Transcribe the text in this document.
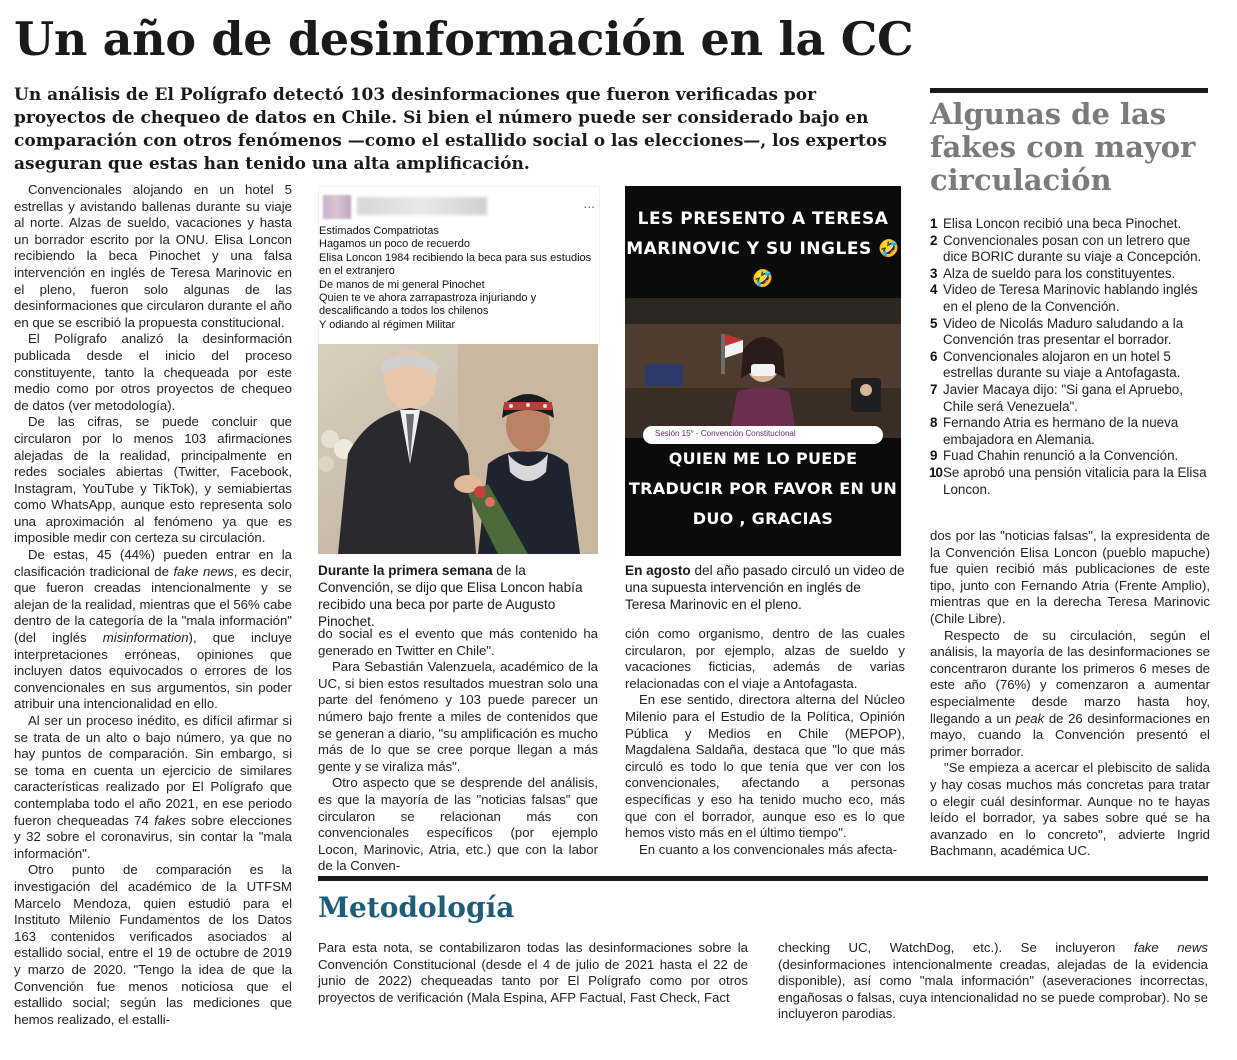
Un año de desinformación en la CC
Un análisis de El Polígrafo detectó 103 desinformaciones que fueron verificadas por proyectos de chequeo de datos en Chile. Si bien el número puede ser considerado bajo en comparación con otros fenómenos —como el estallido social o las elecciones—, los expertos aseguran que estas han tenido una alta amplificación.

Convencionales alojando en un hotel 5 estrellas y avistando ballenas durante su viaje al norte. Alzas de sueldo, vacaciones y hasta un borrador escrito por la ONU. Elisa Loncon recibiendo la beca Pinochet y una falsa intervención en inglés de Teresa Marinovic en el pleno, fueron solo algunas de las desinformaciones que circularon durante el año en que se escribió la propuesta constitucional.

El Polígrafo analizó la desinformación publicada desde el inicio del proceso constituyente, tanto la chequeada por este medio como por otros proyectos de chequeo de datos (ver metodología).

De las cifras, se puede concluir que circularon por lo menos 103 afirmaciones alejadas de la realidad, principalmente en redes sociales abiertas (Twitter, Facebook, Instagram, YouTube y TikTok), y semiabiertas como WhatsApp, aunque esto representa solo una aproximación al fenómeno ya que es imposible medir con certeza su circulación.

De estas, 45 (44%) pueden entrar en la clasificación tradicional de fake news, es decir, que fueron creadas intencionalmente y se alejan de la realidad, mientras que el 56% cabe dentro de la categoría de la "mala información" (del inglés misinformation), que incluye interpretaciones erróneas, opiniones que incluyen datos equivocados o errores de los convencionales en sus argumentos, sin poder atribuir una intencionalidad en ello.

Al ser un proceso inédito, es difícil afirmar si se trata de un alto o bajo número, ya que no hay puntos de comparación. Sin embargo, si se toma en cuenta un ejercicio de similares características realizado por El Polígrafo que contemplaba todo el año 2021, en ese periodo fueron chequeadas 74 fakes sobre elecciones y 32 sobre el coronavirus, sin contar la "mala información".

Otro punto de comparación es la investigación del académico de la UTFSM Marcelo Mendoza, quien estudió para el Instituto Milenio Fundamentos de los Datos 163 contenidos verificados asociados al estallido social, entre el 19 de octubre de 2019 y marzo de 2020. "Tengo la idea de que la Convención fue menos noticiosa que el estallido social; según las mediciones que hemos realizado, el estalli-

...
Estimados Compatriotas
Hagamos un poco de recuerdo
Elisa Loncon 1984 recibiendo la beca para sus estudios en el extranjero
De manos de mi general Pinochet
Quien te ve ahora zarrapastroza injuriando y descalificando a todos los chilenos
Y odiando al régimen Militar
Durante la primera semana de la Convención, se dijo que Elisa Loncon había recibido una beca por parte de Augusto Pinochet.
LES PRESENTO A TERESA MARINOVIC Y SU INGLES 🤣🤣
Sesión 15° - Convención Constitucional
QUIEN ME LO PUEDE TRADUCIR POR FAVOR EN UN DUO , GRACIAS
En agosto del año pasado circuló un video de una supuesta intervención en inglés de Teresa Marinovic en el pleno.

do social es el evento que más contenido ha generado en Twitter en Chile".

Para Sebastián Valenzuela, académico de la UC, si bien estos resultados muestran solo una parte del fenómeno y 103 puede parecer un número bajo frente a miles de contenidos que se generan a diario, "su amplificación es mucho más de lo que se cree porque llegan a más gente y se viraliza más".

Otro aspecto que se desprende del análisis, es que la mayoría de las "noticias falsas" que circularon se relacionan más con convencionales específicos (por ejemplo Locon, Marinovic, Atria, etc.) que con la labor de la Conven-

ción como organismo, dentro de las cuales circularon, por ejemplo, alzas de sueldo y vacaciones ficticias, además de varias relacionadas con el viaje a Antofagasta.

En ese sentido, directora alterna del Núcleo Milenio para el Estudio de la Política, Opinión Pública y Medios en Chile (MEPOP), Magdalena Saldaña, destaca que "lo que más circuló es todo lo que tenía que ver con los convencionales, afectando a personas específicas y eso ha tenido mucho eco, más que con el borrador, aunque eso es lo que hemos visto más en el último tiempo".

En cuanto a los convencionales más afecta-

Algunas de las fakes con mayor circulación
1 Elisa Loncon recibió una beca Pinochet.
2 Convencionales posan con un letrero que dice BORIC durante su viaje a Concepción.
3 Alza de sueldo para los constituyentes.
4 Video de Teresa Marinovic hablando inglés en el pleno de la Convención.
5 Video de Nicolás Maduro saludando a la Convención tras presentar el borrador.
6 Convencionales alojaron en un hotel 5 estrellas durante su viaje a Antofagasta.
7 Javier Macaya dijo: "Si gana el Apruebo, Chile será Venezuela".
8 Fernando Atria es hermano de la nueva embajadora en Alemania.
9 Fuad Chahin renunció a la Convención.
10 Se aprobó una pensión vitalicia para la Elisa Loncon.

dos por las "noticias falsas", la expresidenta de la Convención Elisa Loncon (pueblo mapuche) fue quien recibió más publicaciones de este tipo, junto con Fernando Atria (Frente Amplio), mientras que en la derecha Teresa Marinovic (Chile Libre).

Respecto de su circulación, según el análisis, la mayoría de las desinformaciones se concentraron durante los primeros 6 meses de este año (76%) y comenzaron a aumentar especialmente desde marzo hasta hoy, llegando a un peak de 26 desinformaciones en mayo, cuando la Convención presentó el primer borrador.

"Se empieza a acercar el plebiscito de salida y hay cosas muchos más concretas para tratar o elegir cuál desinformar. Aunque no te hayas leído el borrador, ya sabes sobre qué se ha avanzado en lo concreto", advierte Ingrid Bachmann, académica UC.

Metodología

Para esta nota, se contabilizaron todas las desinformaciones sobre la Convención Constitucional (desde el 4 de julio de 2021 hasta el 22 de junio de 2022) chequeadas tanto por El Polígrafo como por otros proyectos de verificación (Mala Espina, AFP Factual, Fast Check, Fact

checking UC, WatchDog, etc.). Se incluyeron fake news (desinformaciones intencionalmente creadas, alejadas de la evidencia disponible), así como "mala información" (aseveraciones incorrectas, engañosas o falsas, cuya intencionalidad no se puede comprobar). No se incluyeron parodias.
